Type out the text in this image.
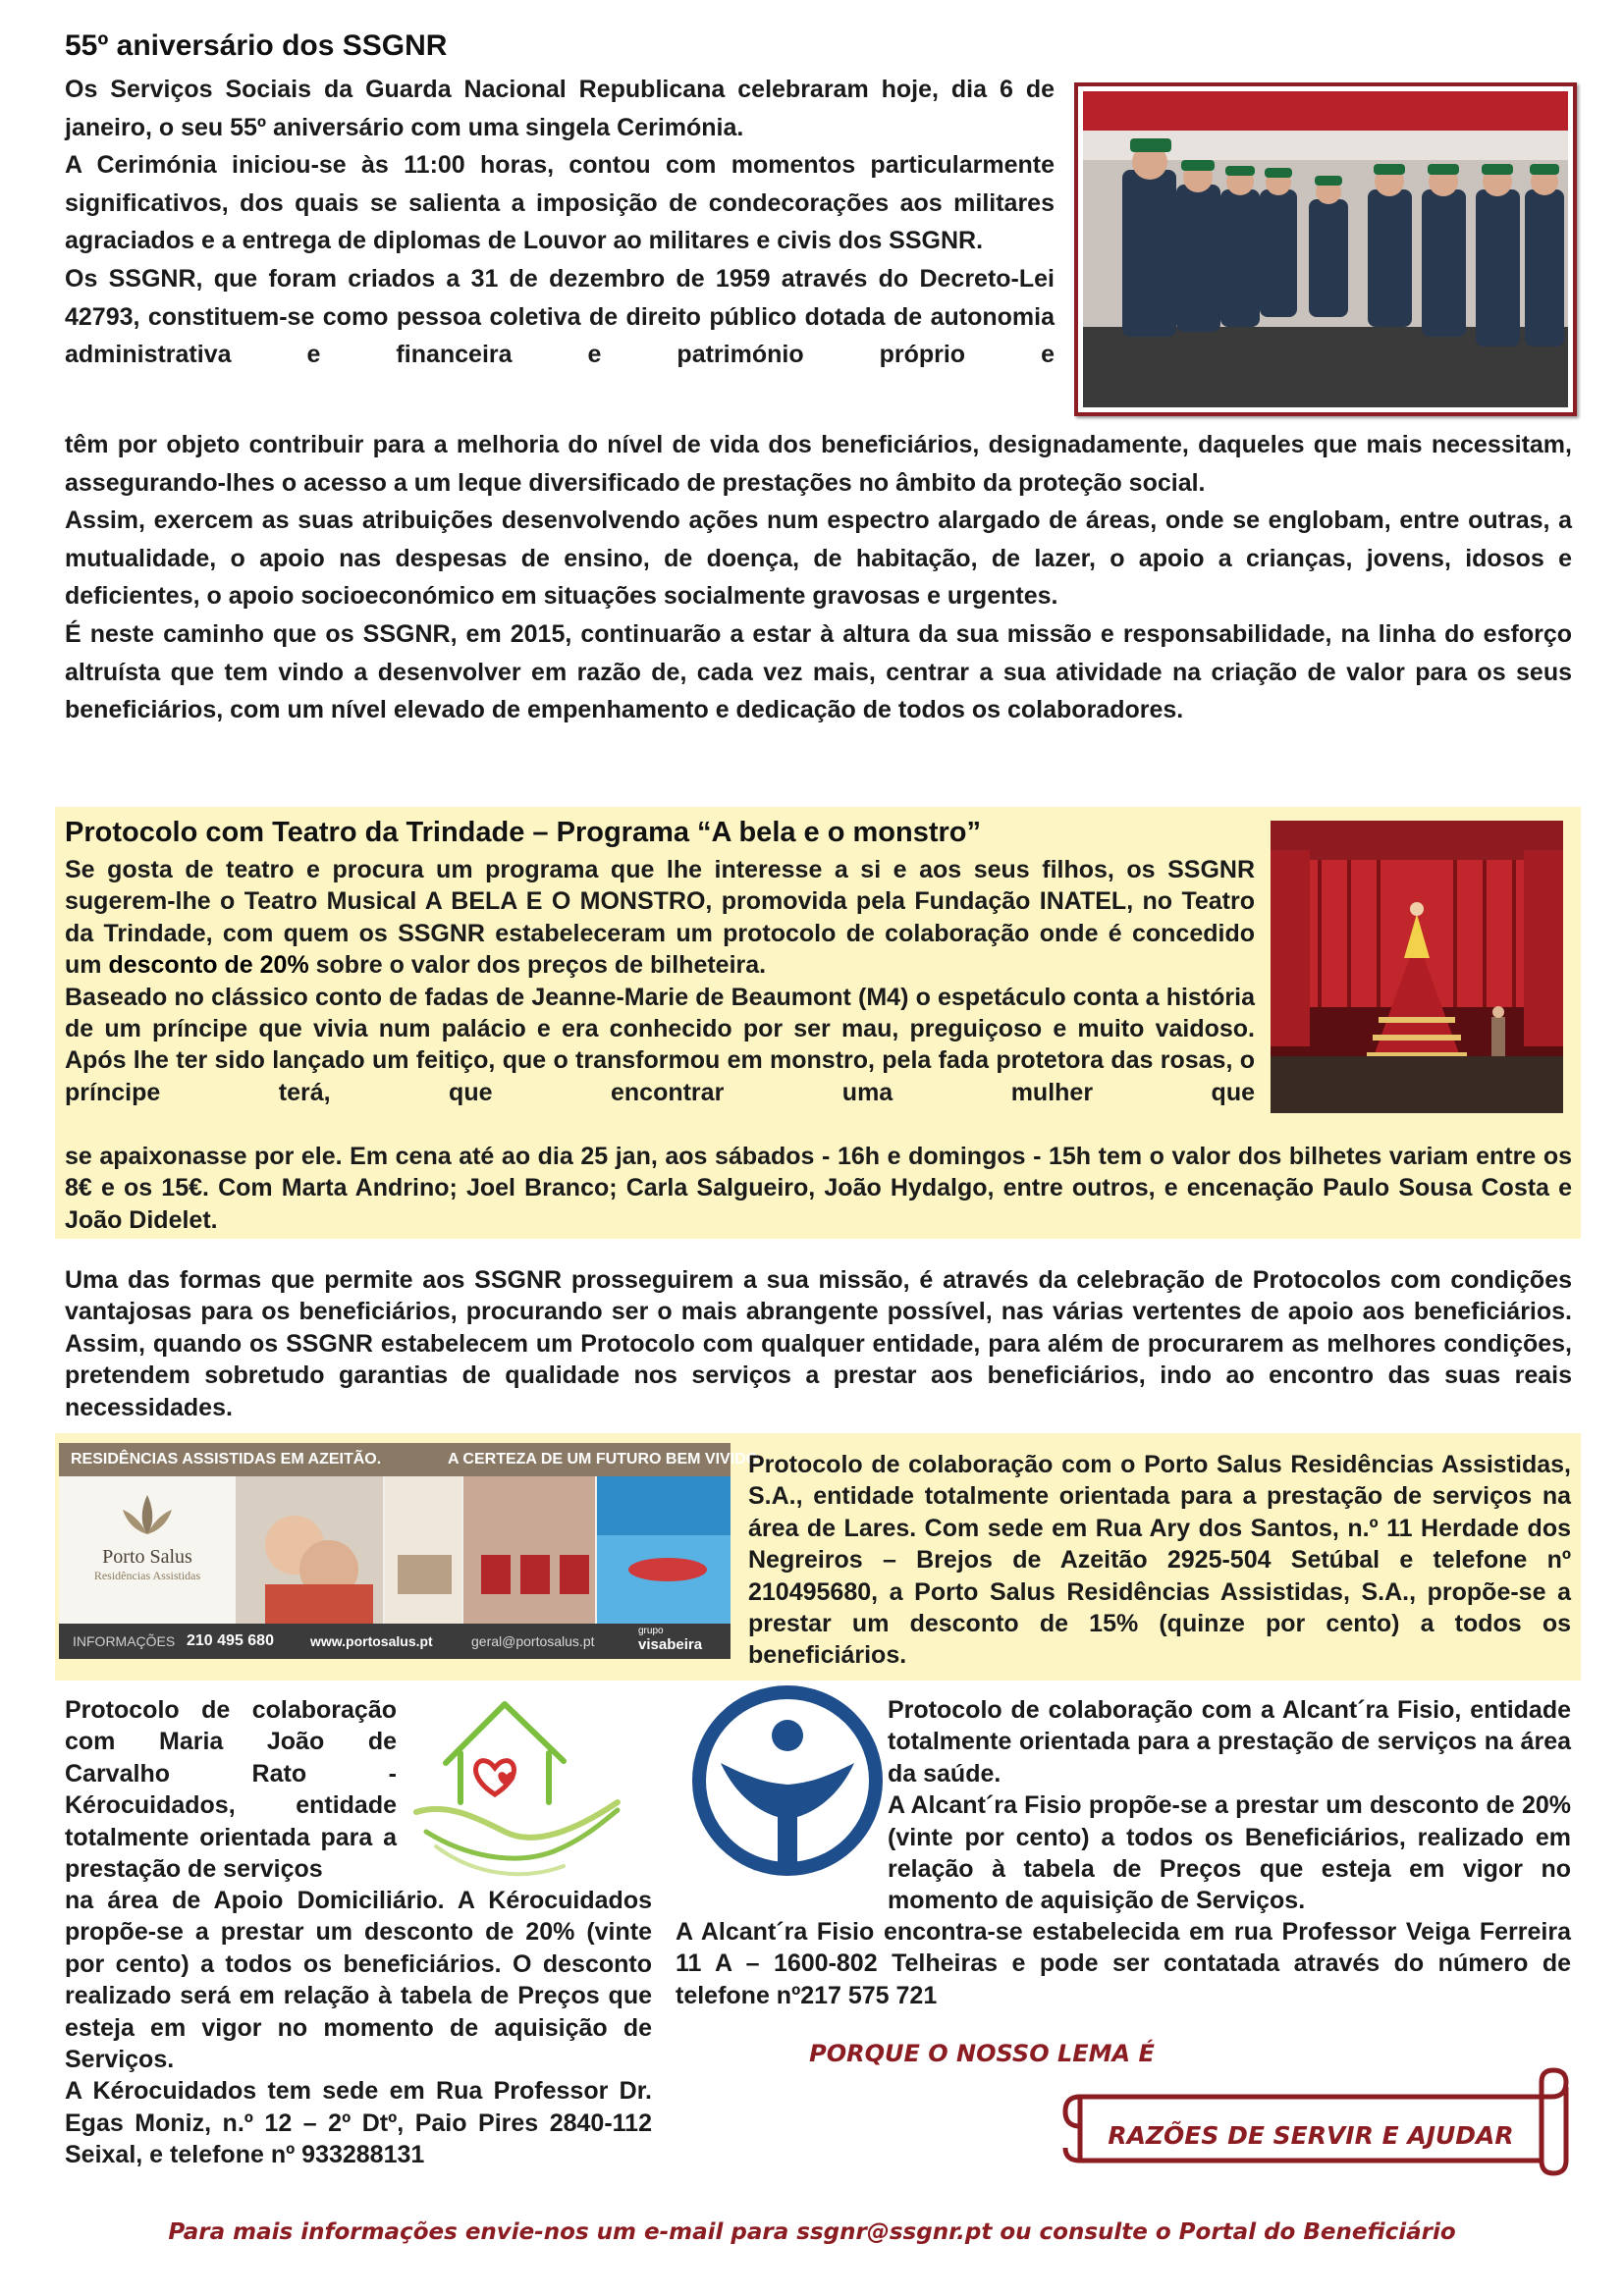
55º aniversário dos SSGNR

Os Serviços Sociais da Guarda Nacional Republicana celebraram hoje, dia 6 de janeiro, o seu 55º aniversário com uma singela Cerimónia.

A Cerimónia iniciou-se às 11:00 horas, contou com momentos particularmente significativos, dos quais se salienta a imposição de condecorações aos militares agraciados e a entrega de diplomas de Louvor ao militares e civis dos SSGNR.

Os SSGNR, que foram criados a 31 de dezembro de 1959 através do Decreto-Lei 42793, constituem-se como pessoa coletiva de direito público dotada de autonomia administrativa e financeira e património próprio e

têm por objeto contribuir para a melhoria do nível de vida dos beneficiários, designadamente, daqueles que mais necessitam, assegurando-lhes o acesso a um leque diversificado de prestações no âmbito da proteção social.

Assim, exercem as suas atribuições desenvolvendo ações num espectro alargado de áreas, onde se englobam, entre outras, a mutualidade, o apoio nas despesas de ensino, de doença, de habitação, de lazer, o apoio a crianças, jovens, idosos e deficientes, o apoio socioeconómico em situações socialmente gravosas e urgentes.

É neste caminho que os SSGNR, em 2015, continuarão a estar à altura da sua missão e responsabilidade, na linha do esforço altruísta que tem vindo a desenvolver em razão de, cada vez mais, centrar a sua atividade na criação de valor para os seus beneficiários, com um nível elevado de empenhamento e dedicação de todos os colaboradores.

Protocolo com Teatro da Trindade – Programa “A bela e o monstro”

Se gosta de teatro e procura um programa que lhe interesse a si e aos seus filhos, os SSGNR sugerem-lhe o Teatro Musical A BELA E O MONSTRO, promovida pela Fundação INATEL, no Teatro da Trindade, com quem os SSGNR estabeleceram um protocolo de colaboração onde é concedido um desconto de 20% sobre o valor dos preços de bilheteira.

Baseado no clássico conto de fadas de Jeanne-Marie de Beaumont (M4) o espetáculo conta a história de um príncipe que vivia num palácio e era conhecido por ser mau, preguiçoso e muito vaidoso. Após lhe ter sido lançado um feitiço, que o transformou em monstro, pela fada protetora das rosas, o príncipe terá, que encontrar uma mulher que

se apaixonasse por ele. Em cena até ao dia 25 jan, aos sábados - 16h e domingos - 15h tem o valor dos bilhetes variam entre os 8€ e os 15€. Com Marta Andrino; Joel Branco; Carla Salgueiro, João Hydalgo, entre outros, e encenação Paulo Sousa Costa e João Didelet.

Uma das formas que permite aos SSGNR prosseguirem a sua missão, é através da celebração de Protocolos com condições vantajosas para os beneficiários, procurando ser o mais abrangente possível, nas várias vertentes de apoio aos beneficiários. Assim, quando os SSGNR estabelecem um Protocolo com qualquer entidade, para além de procurarem as melhores condições, pretendem sobretudo garantias de qualidade nos serviços a prestar aos beneficiários, indo ao encontro das suas reais necessidades.
RESIDÊNCIAS ASSISTIDAS EM AZEITÃO.	A CERTEZA DE UM FUTURO BEM VIVIDO.
Porto Salus
Residências Assistidas
INFORMAÇÕES 210 495 680	www.portosalus.pt	geral@portosalus.pt
grupo
visabeira
Protocolo de colaboração com o Porto Salus Residências Assistidas, S.A., entidade totalmente orientada para a prestação de serviços na área de Lares. Com sede em Rua Ary dos Santos, n.º 11 Herdade dos Negreiros – Brejos de Azeitão 2925-504 Setúbal e telefone nº 210495680, a Porto Salus Residências Assistidas, S.A., propõe-se a prestar um desconto de 15% (quinze por cento) a todos os beneficiários.
Protocolo de colaboração com Maria João de Carvalho Rato - Kérocuidados, entidade totalmente orientada para a prestação de serviços

na área de Apoio Domiciliário. A Kérocuidados propõe-se a prestar um desconto de 20% (vinte por cento) a todos os beneficiários. O desconto realizado será em relação à tabela de Preços que esteja em vigor no momento de aquisição de Serviços.

A Kérocuidados tem sede em Rua Professor Dr. Egas Moniz, n.º 12 – 2º Dtº, Paio Pires 2840-112 Seixal, e telefone nº 933288131

Protocolo de colaboração com a Alcant´ra Fisio, entidade totalmente orientada para a prestação de serviços na área da saúde.

A Alcant´ra Fisio propõe-se a prestar um desconto de 20% (vinte por cento) a todos os Beneficiários, realizado em relação à tabela de Preços que esteja em vigor no momento de aquisição de Serviços.

A Alcant´ra Fisio encontra-se estabelecida em rua Professor Veiga Ferreira 11 A – 1600-802 Telheiras e pode ser contatada através do número de telefone nº217 575 721
PORQUE O NOSSO LEMA É
RAZÕES DE SERVIR E AJUDAR
Para mais informações envie-nos um e-mail para ssgnr@ssgnr.pt ou consulte o Portal do Beneficiário
